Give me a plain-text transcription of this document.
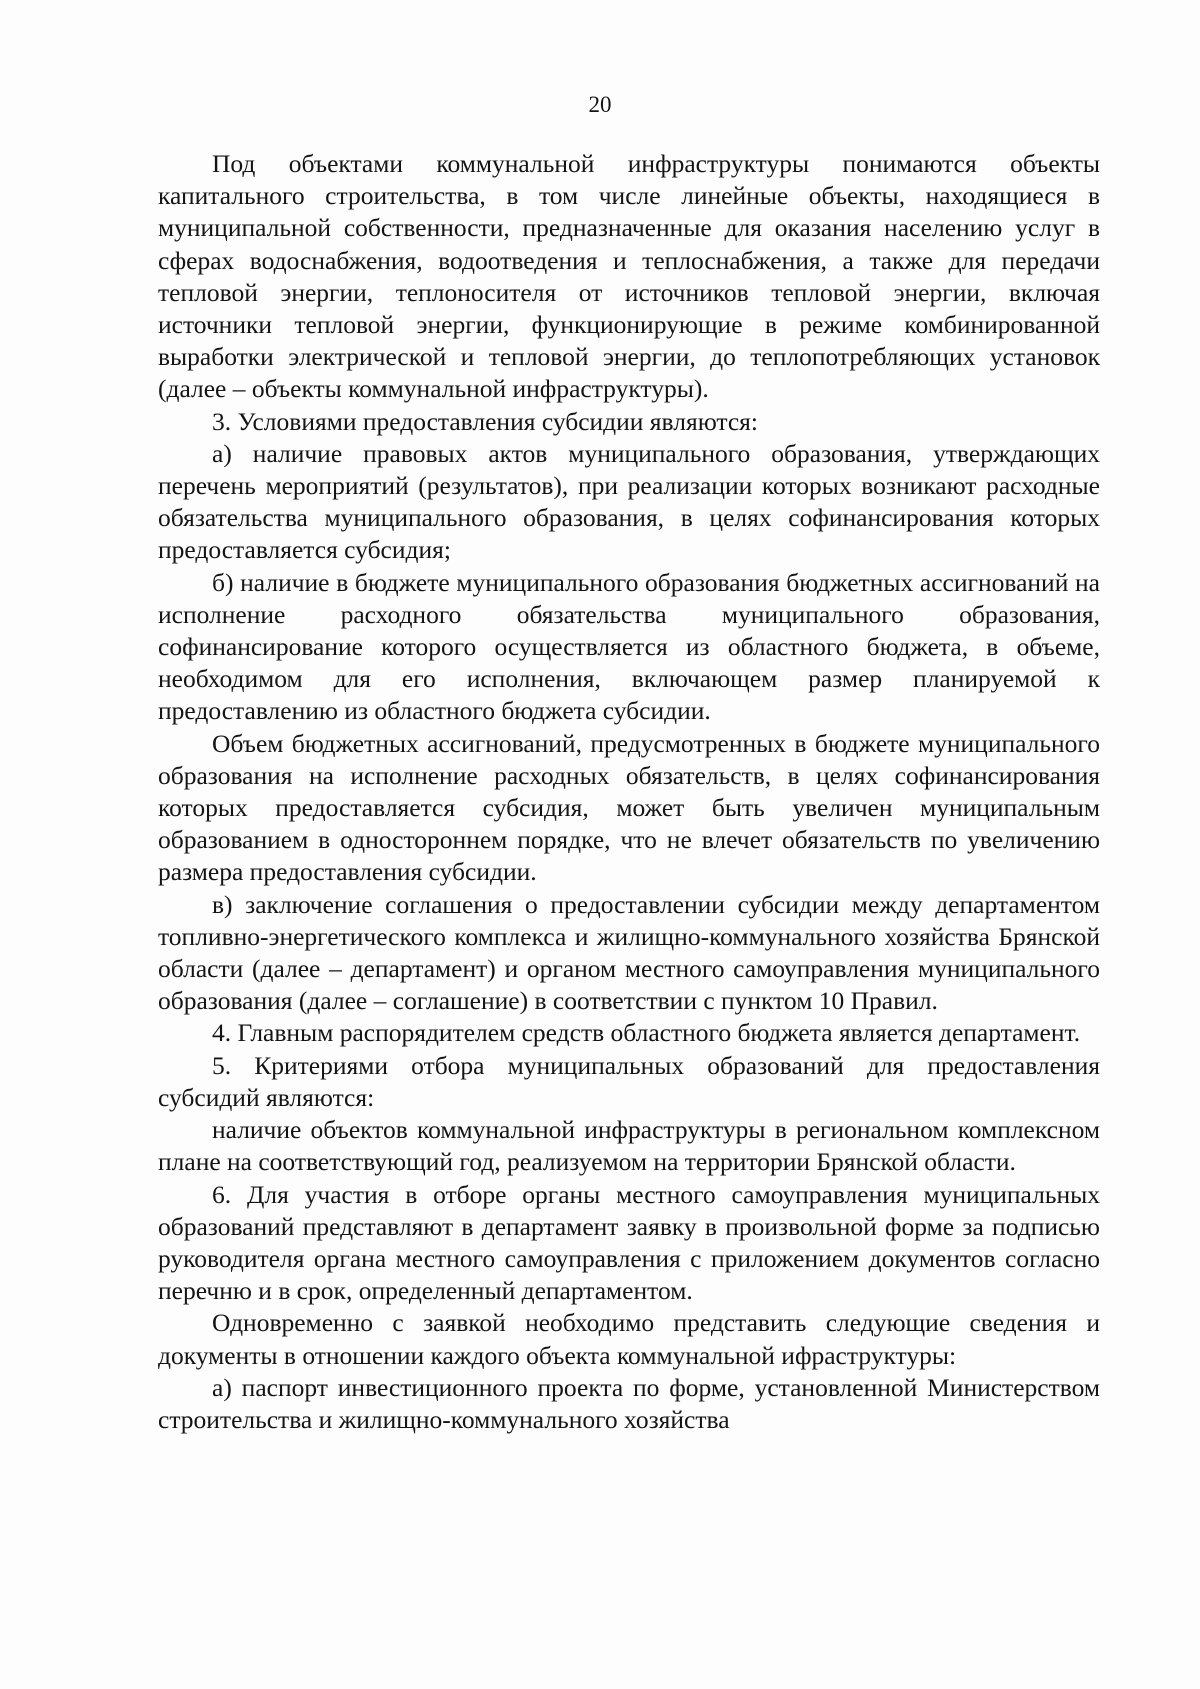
20

Под объектами коммунальной инфраструктуры понимаются объекты капитального строительства, в том числе линейные объекты, находящиеся в муниципальной собственности, предназначенные для оказания населению услуг в сферах водоснабжения, водоотведения и теплоснабжения, а также для передачи тепловой энергии, теплоносителя от источников тепловой энергии, включая источники тепловой энергии, функционирующие в режиме комбинированной выработки электрической и тепловой энергии, до теплопотребляющих установок (далее – объекты коммунальной инфраструктуры).

3. Условиями предоставления субсидии являются:

а) наличие правовых актов муниципального образования, утверждающих перечень мероприятий (результатов), при реализации которых возникают расходные обязательства муниципального образования, в целях софинансирования которых предоставляется субсидия;

б) наличие в бюджете муниципального образования бюджетных ассигнований на исполнение расходного обязательства муниципального образования, софинансирование которого осуществляется из областного бюджета, в объеме, необходимом для его исполнения, включающем размер планируемой к предоставлению из областного бюджета субсидии.

Объем бюджетных ассигнований, предусмотренных в бюджете муниципального образования на исполнение расходных обязательств, в целях софинансирования которых предоставляется субсидия, может быть увеличен муниципальным образованием в одностороннем порядке, что не влечет обязательств по увеличению размера предоставления субсидии.

в) заключение соглашения о предоставлении субсидии между департаментом топливно-энергетического комплекса и жилищно-коммунального хозяйства Брянской области (далее – департамент) и органом местного самоуправления муниципального образования (далее – соглашение) в соответствии с пунктом 10 Правил.

4. Главным распорядителем средств областного бюджета является департамент.

5. Критериями отбора муниципальных образований для предоставления субсидий являются:

наличие объектов коммунальной инфраструктуры в региональном комплексном плане на соответствующий год, реализуемом на территории Брянской области.

6. Для участия в отборе органы местного самоуправления муниципальных образований представляют в департамент заявку в произвольной форме за подписью руководителя органа местного самоуправления с приложением документов согласно перечню и в срок, определенный департаментом.

Одновременно с заявкой необходимо представить следующие сведения и документы в отношении каждого объекта коммунальной ифраструктуры:

а) паспорт инвестиционного проекта по форме, установленной Министерством строительства и жилищно-коммунального хозяйства
